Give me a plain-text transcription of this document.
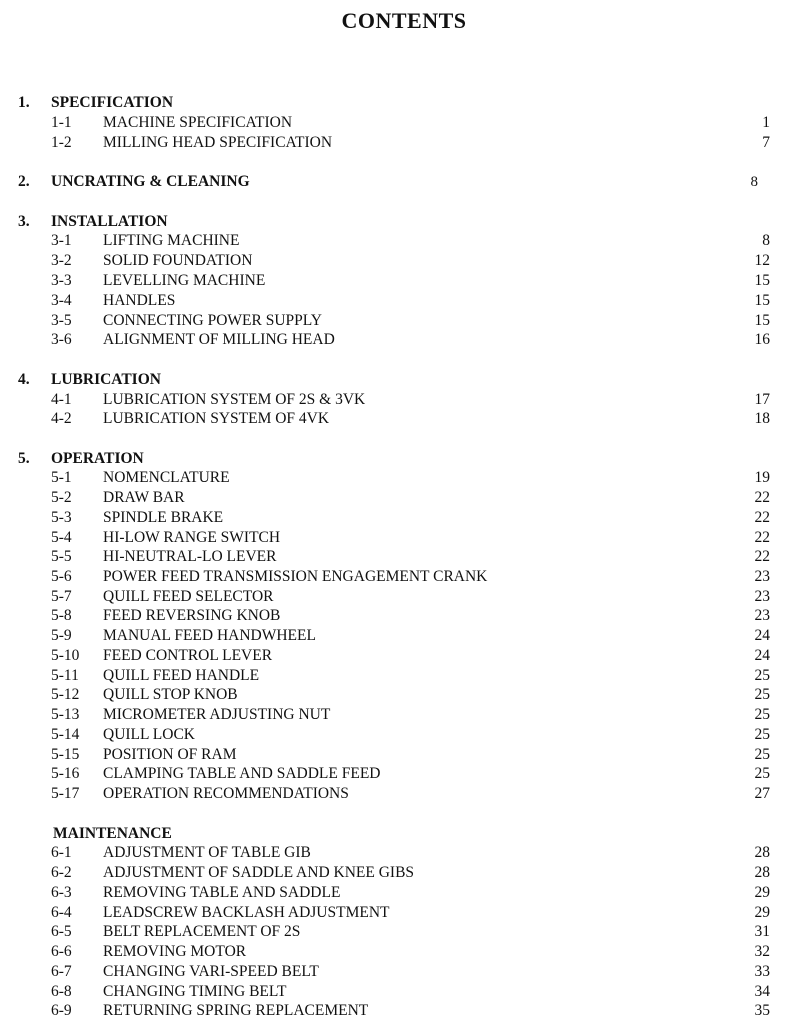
CONTENTS
1. SPECIFICATION
1-1 MACHINE SPECIFICATION	1
1-2 MILLING HEAD SPECIFICATION	7
2. UNCRATING & CLEANING	8
3. INSTALLATION
3-1 LIFTING MACHINE	8
3-2 SOLID FOUNDATION	12
3-3 LEVELLING MACHINE	15
3-4 HANDLES	15
3-5 CONNECTING POWER SUPPLY	15
3-6 ALIGNMENT OF MILLING HEAD	16
4. LUBRICATION
4-1 LUBRICATION SYSTEM OF 2S & 3VK	17
4-2 LUBRICATION SYSTEM OF 4VK	18
5. OPERATION
5-1 NOMENCLATURE	19
5-2 DRAW BAR	22
5-3 SPINDLE BRAKE	22
5-4 HI-LOW RANGE SWITCH	22
5-5 HI-NEUTRAL-LO LEVER	22
5-6 POWER FEED TRANSMISSION ENGAGEMENT CRANK	23
5-7 QUILL FEED SELECTOR	23
5-8 FEED REVERSING KNOB	23
5-9 MANUAL FEED HANDWHEEL	24
5-10 FEED CONTROL LEVER	24
5-11 QUILL FEED HANDLE	25
5-12 QUILL STOP KNOB	25
5-13 MICROMETER ADJUSTING NUT	25
5-14 QUILL LOCK	25
5-15 POSITION OF RAM	25
5-16 CLAMPING TABLE AND SADDLE FEED	25
5-17 OPERATION RECOMMENDATIONS	27
MAINTENANCE
6-1 ADJUSTMENT OF TABLE GIB	28
6-2 ADJUSTMENT OF SADDLE AND KNEE GIBS	28
6-3 REMOVING TABLE AND SADDLE	29
6-4 LEADSCREW BACKLASH ADJUSTMENT	29
6-5 BELT REPLACEMENT OF 2S	31
6-6 REMOVING MOTOR	32
6-7 CHANGING VARI-SPEED BELT	33
6-8 CHANGING TIMING BELT	34
6-9 RETURNING SPRING REPLACEMENT	35
